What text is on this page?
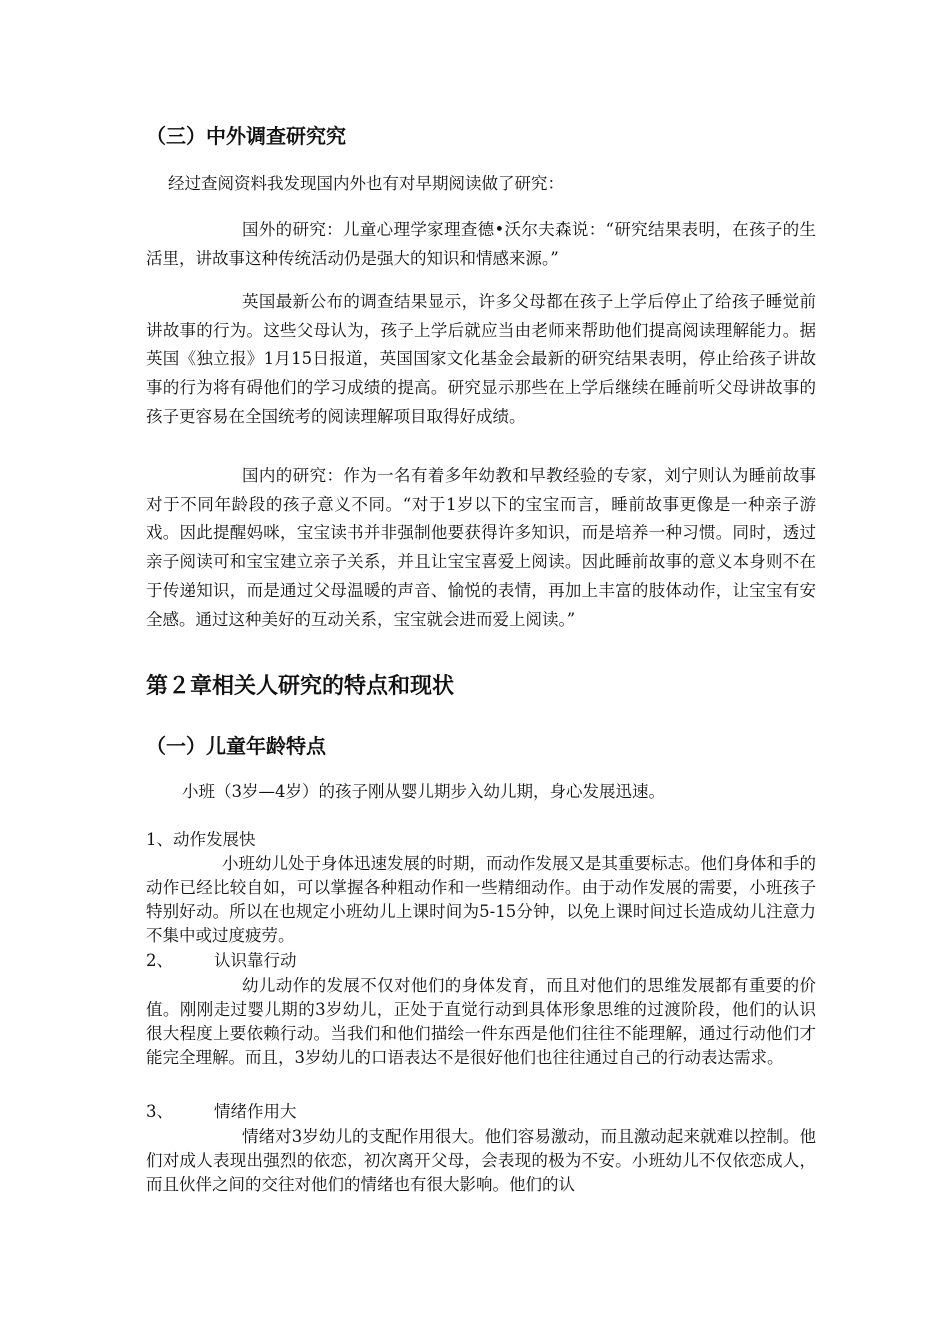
（三）中外调查研究究
经过查阅资料我发现国内外也有对早期阅读做了研究：
国外的研究：儿童心理学家理查德•沃尔夫森说：“研究结果表明，在孩子的生活里，讲故事这种传统活动仍是强大的知识和情感来源。”
英国最新公布的调查结果显示，许多父母都在孩子上学后停止了给孩子睡觉前讲故事的行为。这些父母认为，孩子上学后就应当由老师来帮助他们提高阅读理解能力。据英国《独立报》1月15日报道，英国国家文化基金会最新的研究结果表明，停止给孩子讲故事的行为将有碍他们的学习成绩的提高。研究显示那些在上学后继续在睡前听父母讲故事的孩子更容易在全国统考的阅读理解项目取得好成绩。
国内的研究：作为一名有着多年幼教和早教经验的专家，刘宁则认为睡前故事对于不同年龄段的孩子意义不同。“对于1岁以下的宝宝而言，睡前故事更像是一种亲子游戏。因此提醒妈咪，宝宝读书并非强制他要获得许多知识，而是培养一种习惯。同时，透过亲子阅读可和宝宝建立亲子关系，并且让宝宝喜爱上阅读。因此睡前故事的意义本身则不在于传递知识，而是通过父母温暖的声音、愉悦的表情，再加上丰富的肢体动作，让宝宝有安全感。通过这种美好的互动关系，宝宝就会进而爱上阅读。”
第２章相关人研究的特点和现状
（一）儿童年龄特点
小班（3岁—4岁）的孩子刚从婴儿期步入幼儿期，身心发展迅速。
1、动作发展快
小班幼儿处于身体迅速发展的时期，而动作发展又是其重要标志。他们身体和手的动作已经比较自如，可以掌握各种粗动作和一些精细动作。由于动作发展的需要，小班孩子特别好动。所以在也规定小班幼儿上课时间为5-15分钟，以免上课时间过长造成幼儿注意力不集中或过度疲劳。
2、 认识靠行动
幼儿动作的发展不仅对他们的身体发育，而且对他们的思维发展都有重要的价值。刚刚走过婴儿期的3岁幼儿，正处于直觉行动到具体形象思维的过渡阶段，他们的认识很大程度上要依赖行动。当我们和他们描绘一件东西是他们往往不能理解，通过行动他们才能完全理解。而且，3岁幼儿的口语表达不是很好他们也往往通过自己的行动表达需求。
3、 情绪作用大
情绪对3岁幼儿的支配作用很大。他们容易激动，而且激动起来就难以控制。他们对成人表现出强烈的依恋，初次离开父母，会表现的极为不安。小班幼儿不仅依恋成人，而且伙伴之间的交往对他们的情绪也有很大影响。他们的认
